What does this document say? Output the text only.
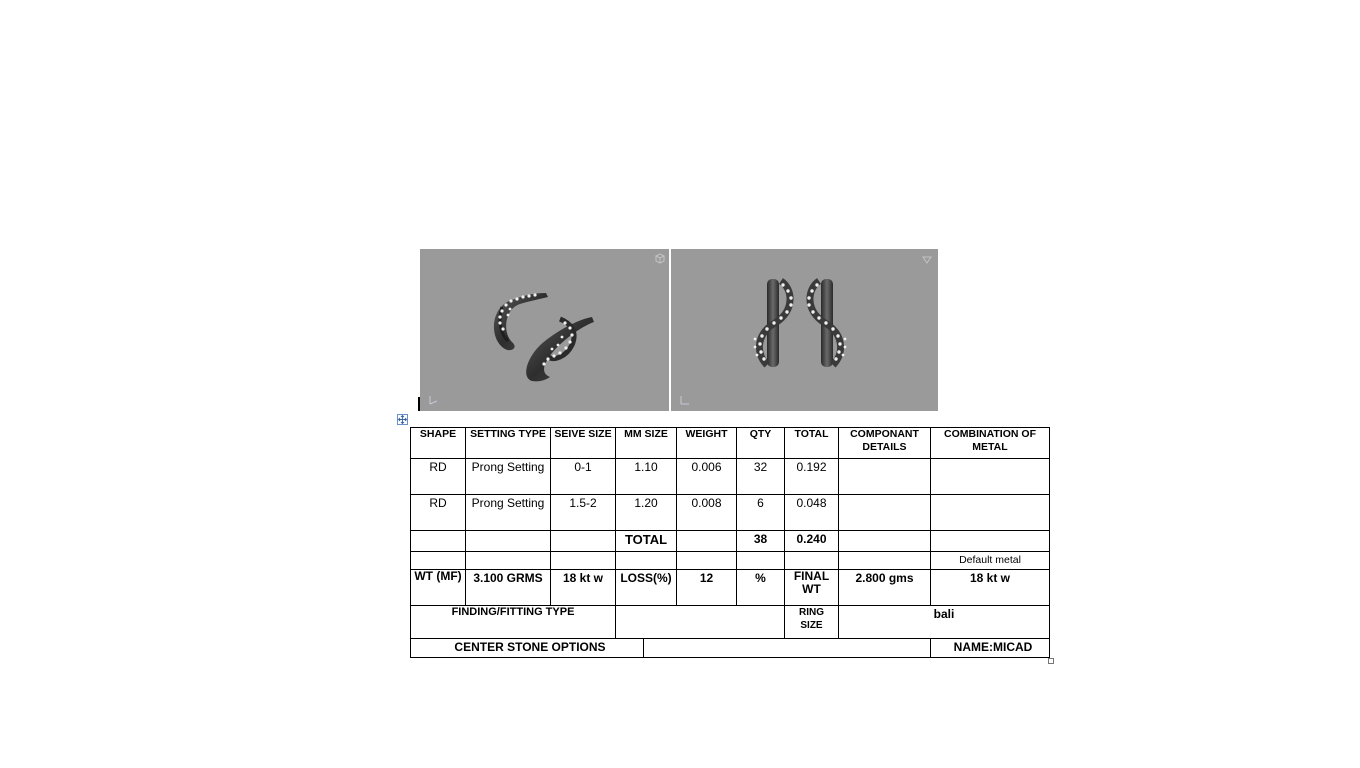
SHAPE	SETTING TYPE	SEIVE SIZE	MM SIZE		WEIGHT	QTY	TOTAL	COMPONANT DETAILS	COMBINATION OF METAL
RD	Prong Setting	0-1	1.10		0.006	32	0.192		
RD	Prong Setting	1.5-2	1.20		0.008	6	0.048		
			TOTAL			38	0.240		
									Default metal
WT (MF)	3.100 GRMS	18 kt w	LOSS(%)		12	%	FINAL WT	2.800 gms	18 kt w
FINDING/FITTING TYPE							RING SIZE	bali	
CENTER STONE OPTIONS									NAME:MICAD
